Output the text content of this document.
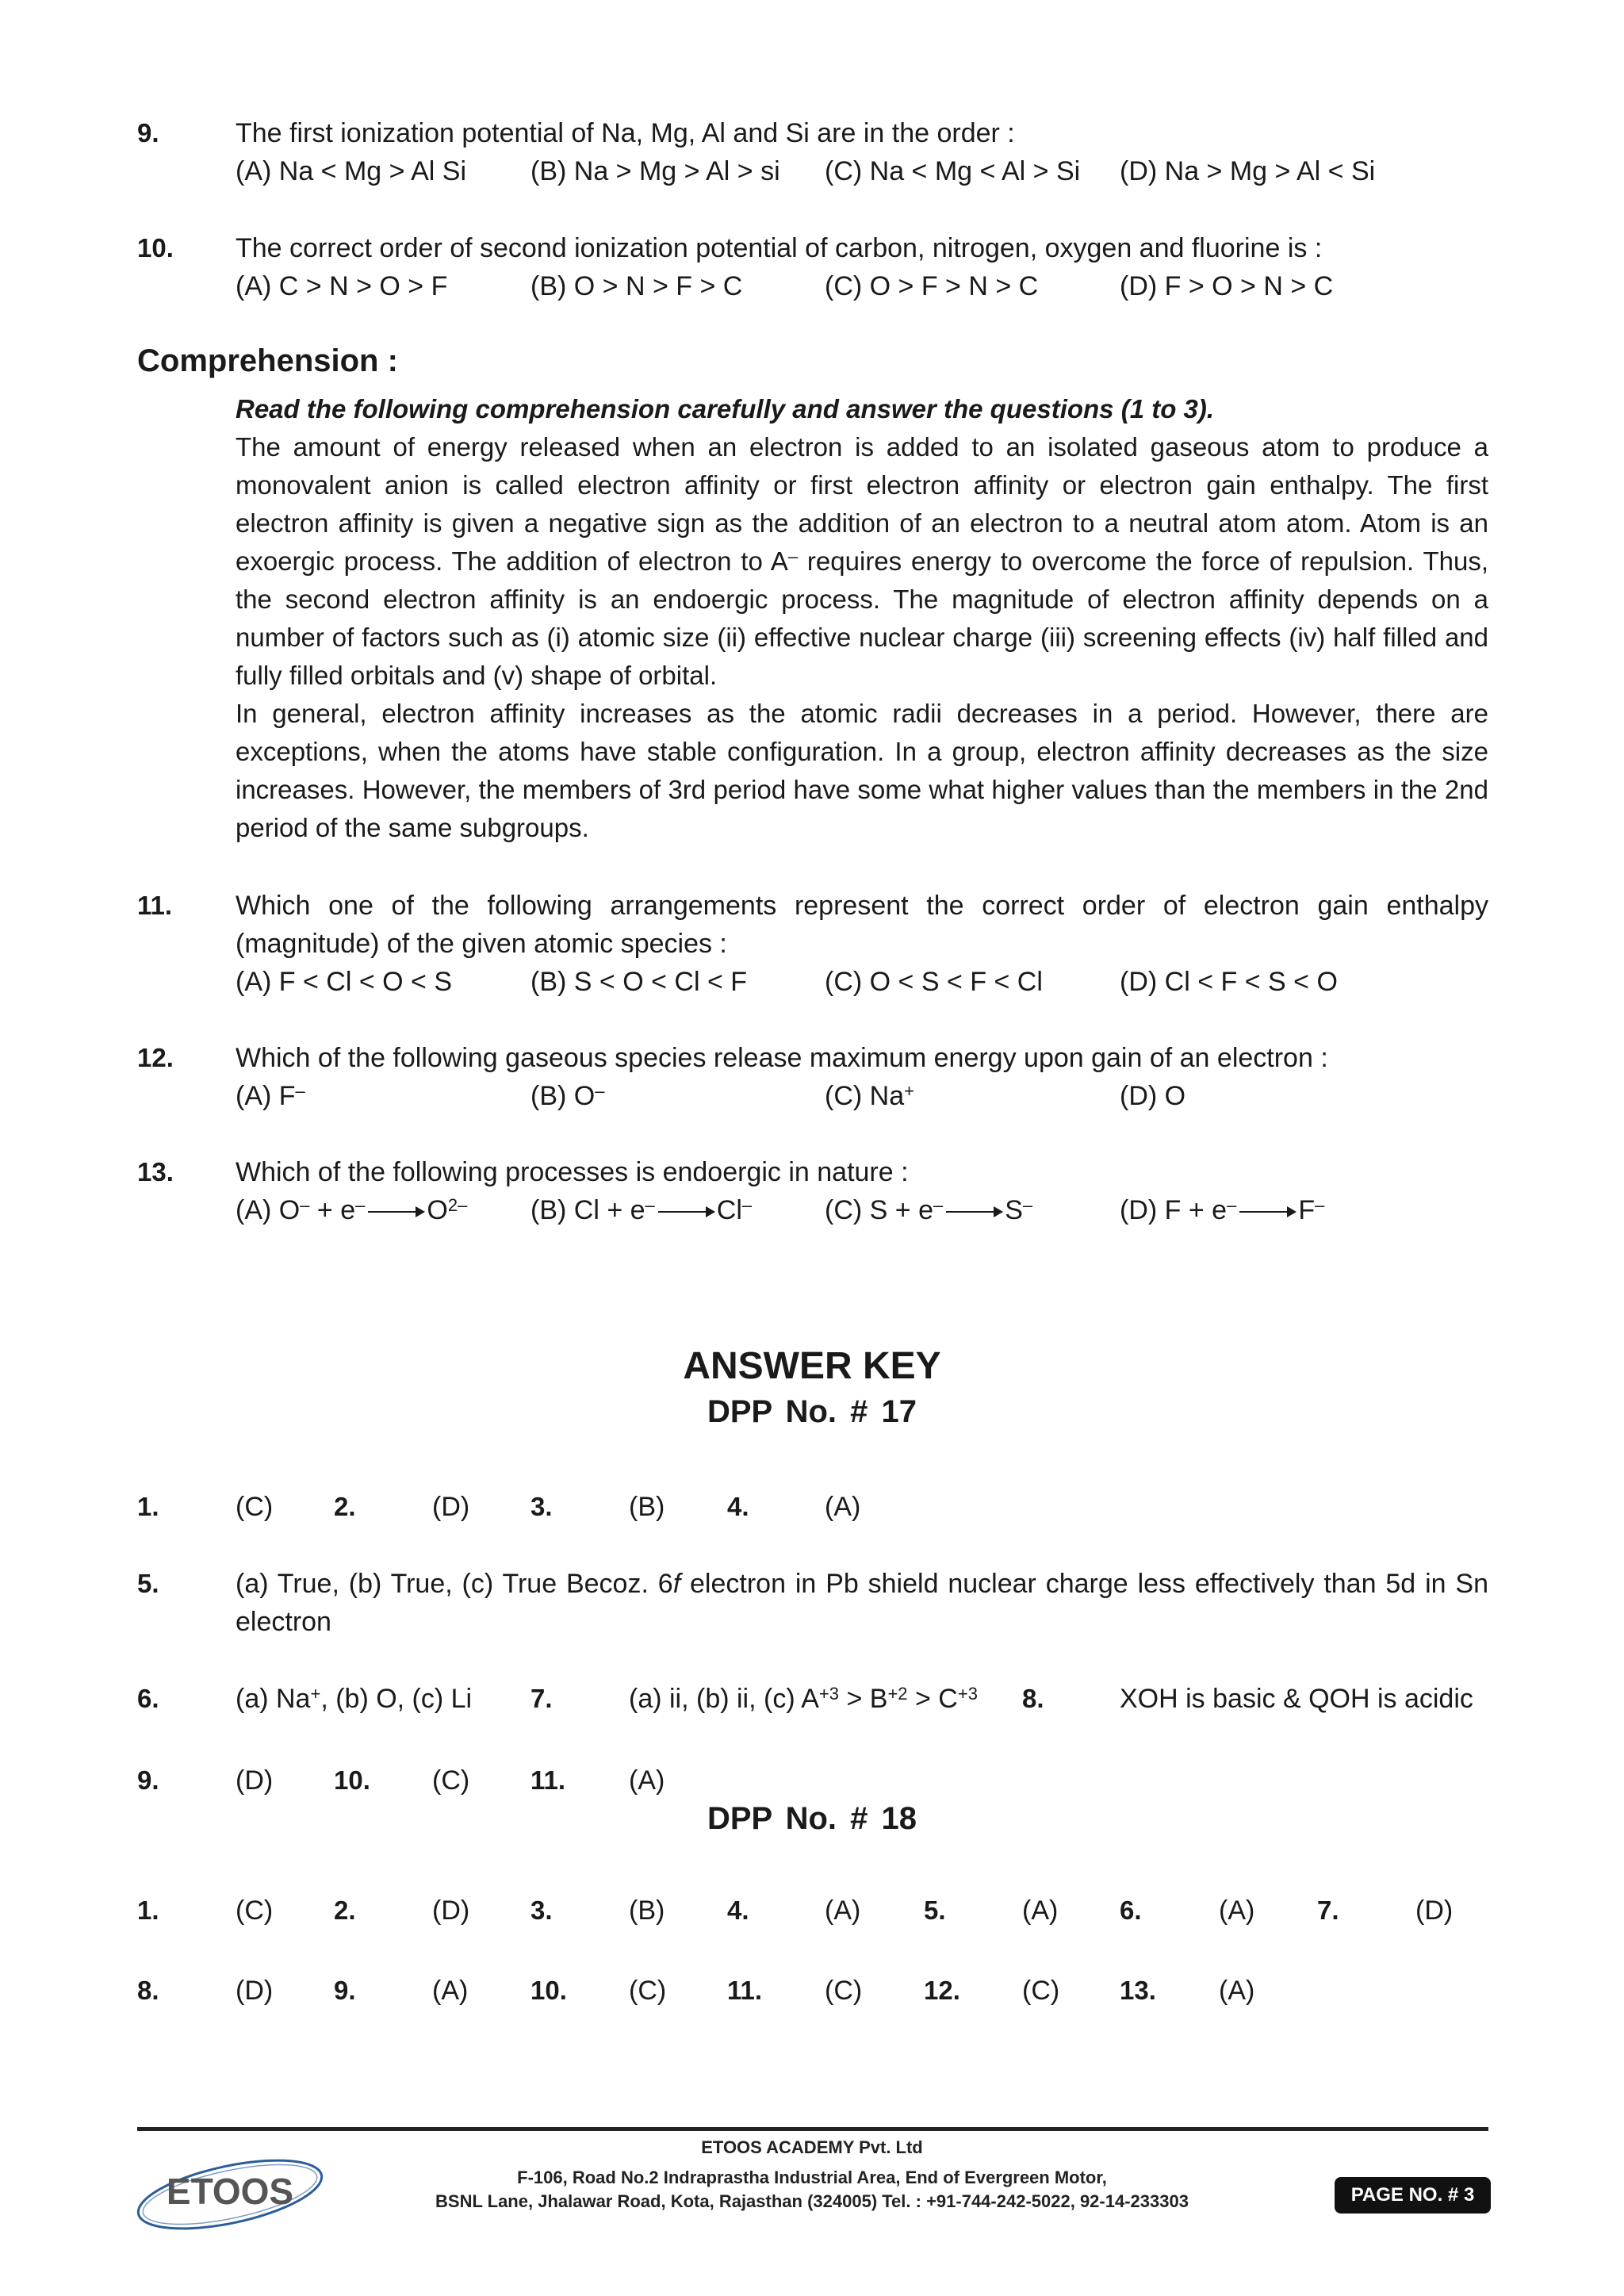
9.	The first ionization potential of Na, Mg, Al and Si are in the order :
(A) Na < Mg > Al Si (B) Na > Mg > Al > si (C) Na < Mg < Al > Si (D) Na > Mg > Al < Si
10. The correct order of second ionization potential of carbon, nitrogen, oxygen and fluorine is :
(A) C > N > O > F	(B) O > N > F > C	(C) O > F > N > C	(D) F > O > N > C
Comprehension :

Read the following comprehension carefully and answer the questions (1 to 3).

The amount of energy released when an electron is added to an isolated gaseous atom to produce a monovalent anion is called electron affinity or first electron affinity or electron gain enthalpy. The first electron affinity is given a negative sign as the addition of an electron to a neutral atom atom. Atom is an exoergic process. The addition of electron to A– requires energy to overcome the force of repulsion. Thus, the second electron affinity is an endoergic process. The magnitude of electron affinity depends on a number of factors such as (i) atomic size (ii) effective nuclear charge (iii) screening effects (iv) half filled and fully filled orbitals and (v) shape of orbital.

In general, electron affinity increases as the atomic radii decreases in a period. However, there are exceptions, when the atoms have stable configuration. In a group, electron affinity decreases as the size increases. However, the members of 3rd period have some what higher values than the members in the 2nd period of the same subgroups.

11. Which one of the following arrangements represent the correct order of electron gain enthalpy (magnitude) of the given atomic species :
(A) F < Cl < O < S	(B) S < O < Cl < F	(C) O < S < F < Cl	(D) Cl < F < S < O
12. Which of the following gaseous species release maximum energy upon gain of an electron :
(A) F–	(B) O–	(C) Na+	(D) O
13. Which of the following processes is endoergic in nature :
(A) $O^- + e^- \to O^{2-}$ (B) Cl + e– → Cl–	(C) S + e– → S–	(D) F + e– → F–
ANSWER KEY
DPP No. # 17
1.	(C) 2.	(D) 3.	(B) 4.	(A)
5.	(a) True, (b) True, (c) True Becoz. 6f electron in Pb shield nuclear charge less effectively than 5d in Sn electron
6.	(a) Na+, (b) O, (c) Li 7.	(a) ii, (b) ii, (c) $A^{+3} > B^{+2} > C^{+3}$ 8.	XOH is basic & QOH is acidic
9.	(D) 10. (C) 11. (A)
DPP No. # 18
1.	(C) 2.	(D) 3.	(B) 4.	(A) 5.	(A) 6.	(A) 7.	(D)
8.	(D) 9.	(A) 10. (C) 11. (C) 12. (C) 13. (A)
ETOOS
ETOOS ACADEMY Pvt. Ltd
F-106, Road No.2 Indraprastha Industrial Area, End of Evergreen Motor,
BSNL Lane, Jhalawar Road, Kota, Rajasthan (324005) Tel. : +91-744-242-5022, 92-14-233303	PAGE NO. # 3
